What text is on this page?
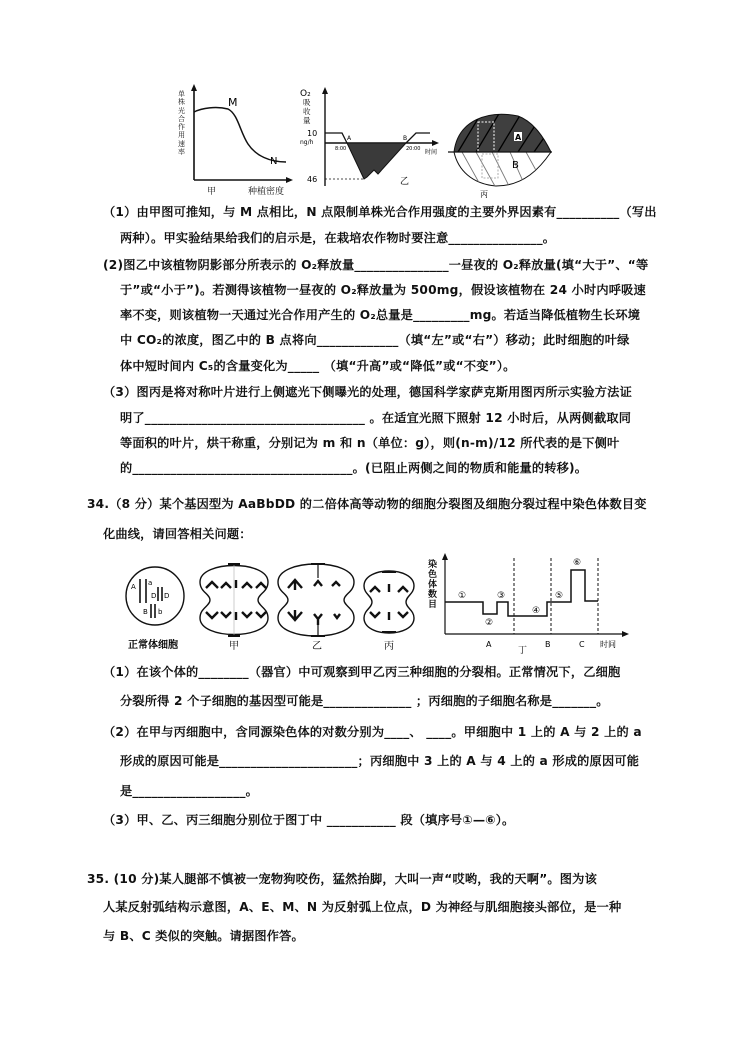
M
N
单株光合作用速率
甲	种植密度
10
46
A	B
8:00	20:00 时间
ng/h
O₂
乙
吸收量
A
B
丙
（1）由甲图可推知，与 M 点相比，N 点限制单株光合作用强度的主要外界因素有__________（写出
两种）。甲实验结果给我们的启示是，在栽培农作物时要注意_______________。
(2)图乙中该植物阴影部分所表示的 O₂释放量_______________一昼夜的 O₂释放量(填“大于”、“等
于”或“小于”)。若测得该植物一昼夜的 O₂释放量为 500mg，假设该植物在 24 小时内呼吸速
率不变，则该植物一天通过光合作用产生的 O₂总量是_________mg。若适当降低植物生长环境
中 CO₂的浓度，图乙中的 B 点将向_____________（填“左”或“右”）移动；此时细胞的叶绿
体中短时间内 C₅的含量变化为_____ （填“升高”或“降低”或“不变”）。
（3）图丙是将对称叶片进行上侧遮光下侧曝光的处理，德国科学家萨克斯用图丙所示实验方法证
明了___________________________________ 。在适宜光照下照射 12 小时后，从两侧截取同
等面积的叶片，烘干称重，分别记为 m 和 n（单位：g），则(n-m)/12 所代表的是下侧叶
的___________________________________。(已阻止两侧之间的物质和能量的转移)。
34.（8 分）某个基因型为 AaBbDD 的二倍体高等动物的细胞分裂图及细胞分裂过程中染色体数目变
化曲线，请回答相关问题：
A a
D D
B b
正常体细胞	甲	乙	丙
①
②
③
④
⑤
⑥
A	B	C
丁
时间
染色体数目
（1）在该个体的________（器官）中可观察到甲乙丙三种细胞的分裂相。正常情况下，乙细胞
分裂所得 2 个子细胞的基因型可能是______________ ；丙细胞的子细胞名称是_______。
（2）在甲与丙细胞中，含同源染色体的对数分别为____、 ____。甲细胞中 1 上的 A 与 2 上的 a
形成的原因可能是______________________；丙细胞中 3 上的 A 与 4 上的 a 形成的原因可能
是__________________。
（3）甲、乙、丙三细胞分别位于图丁中 ___________ 段（填序号①—⑥）。
35. (10 分)某人腿部不慎被一宠物狗咬伤，猛然抬脚，大叫一声“哎哟，我的天啊”。图为该
人某反射弧结构示意图，A、E、M、N 为反射弧上位点，D 为神经与肌细胞接头部位，是一种
与 B、C 类似的突触。请据图作答。
